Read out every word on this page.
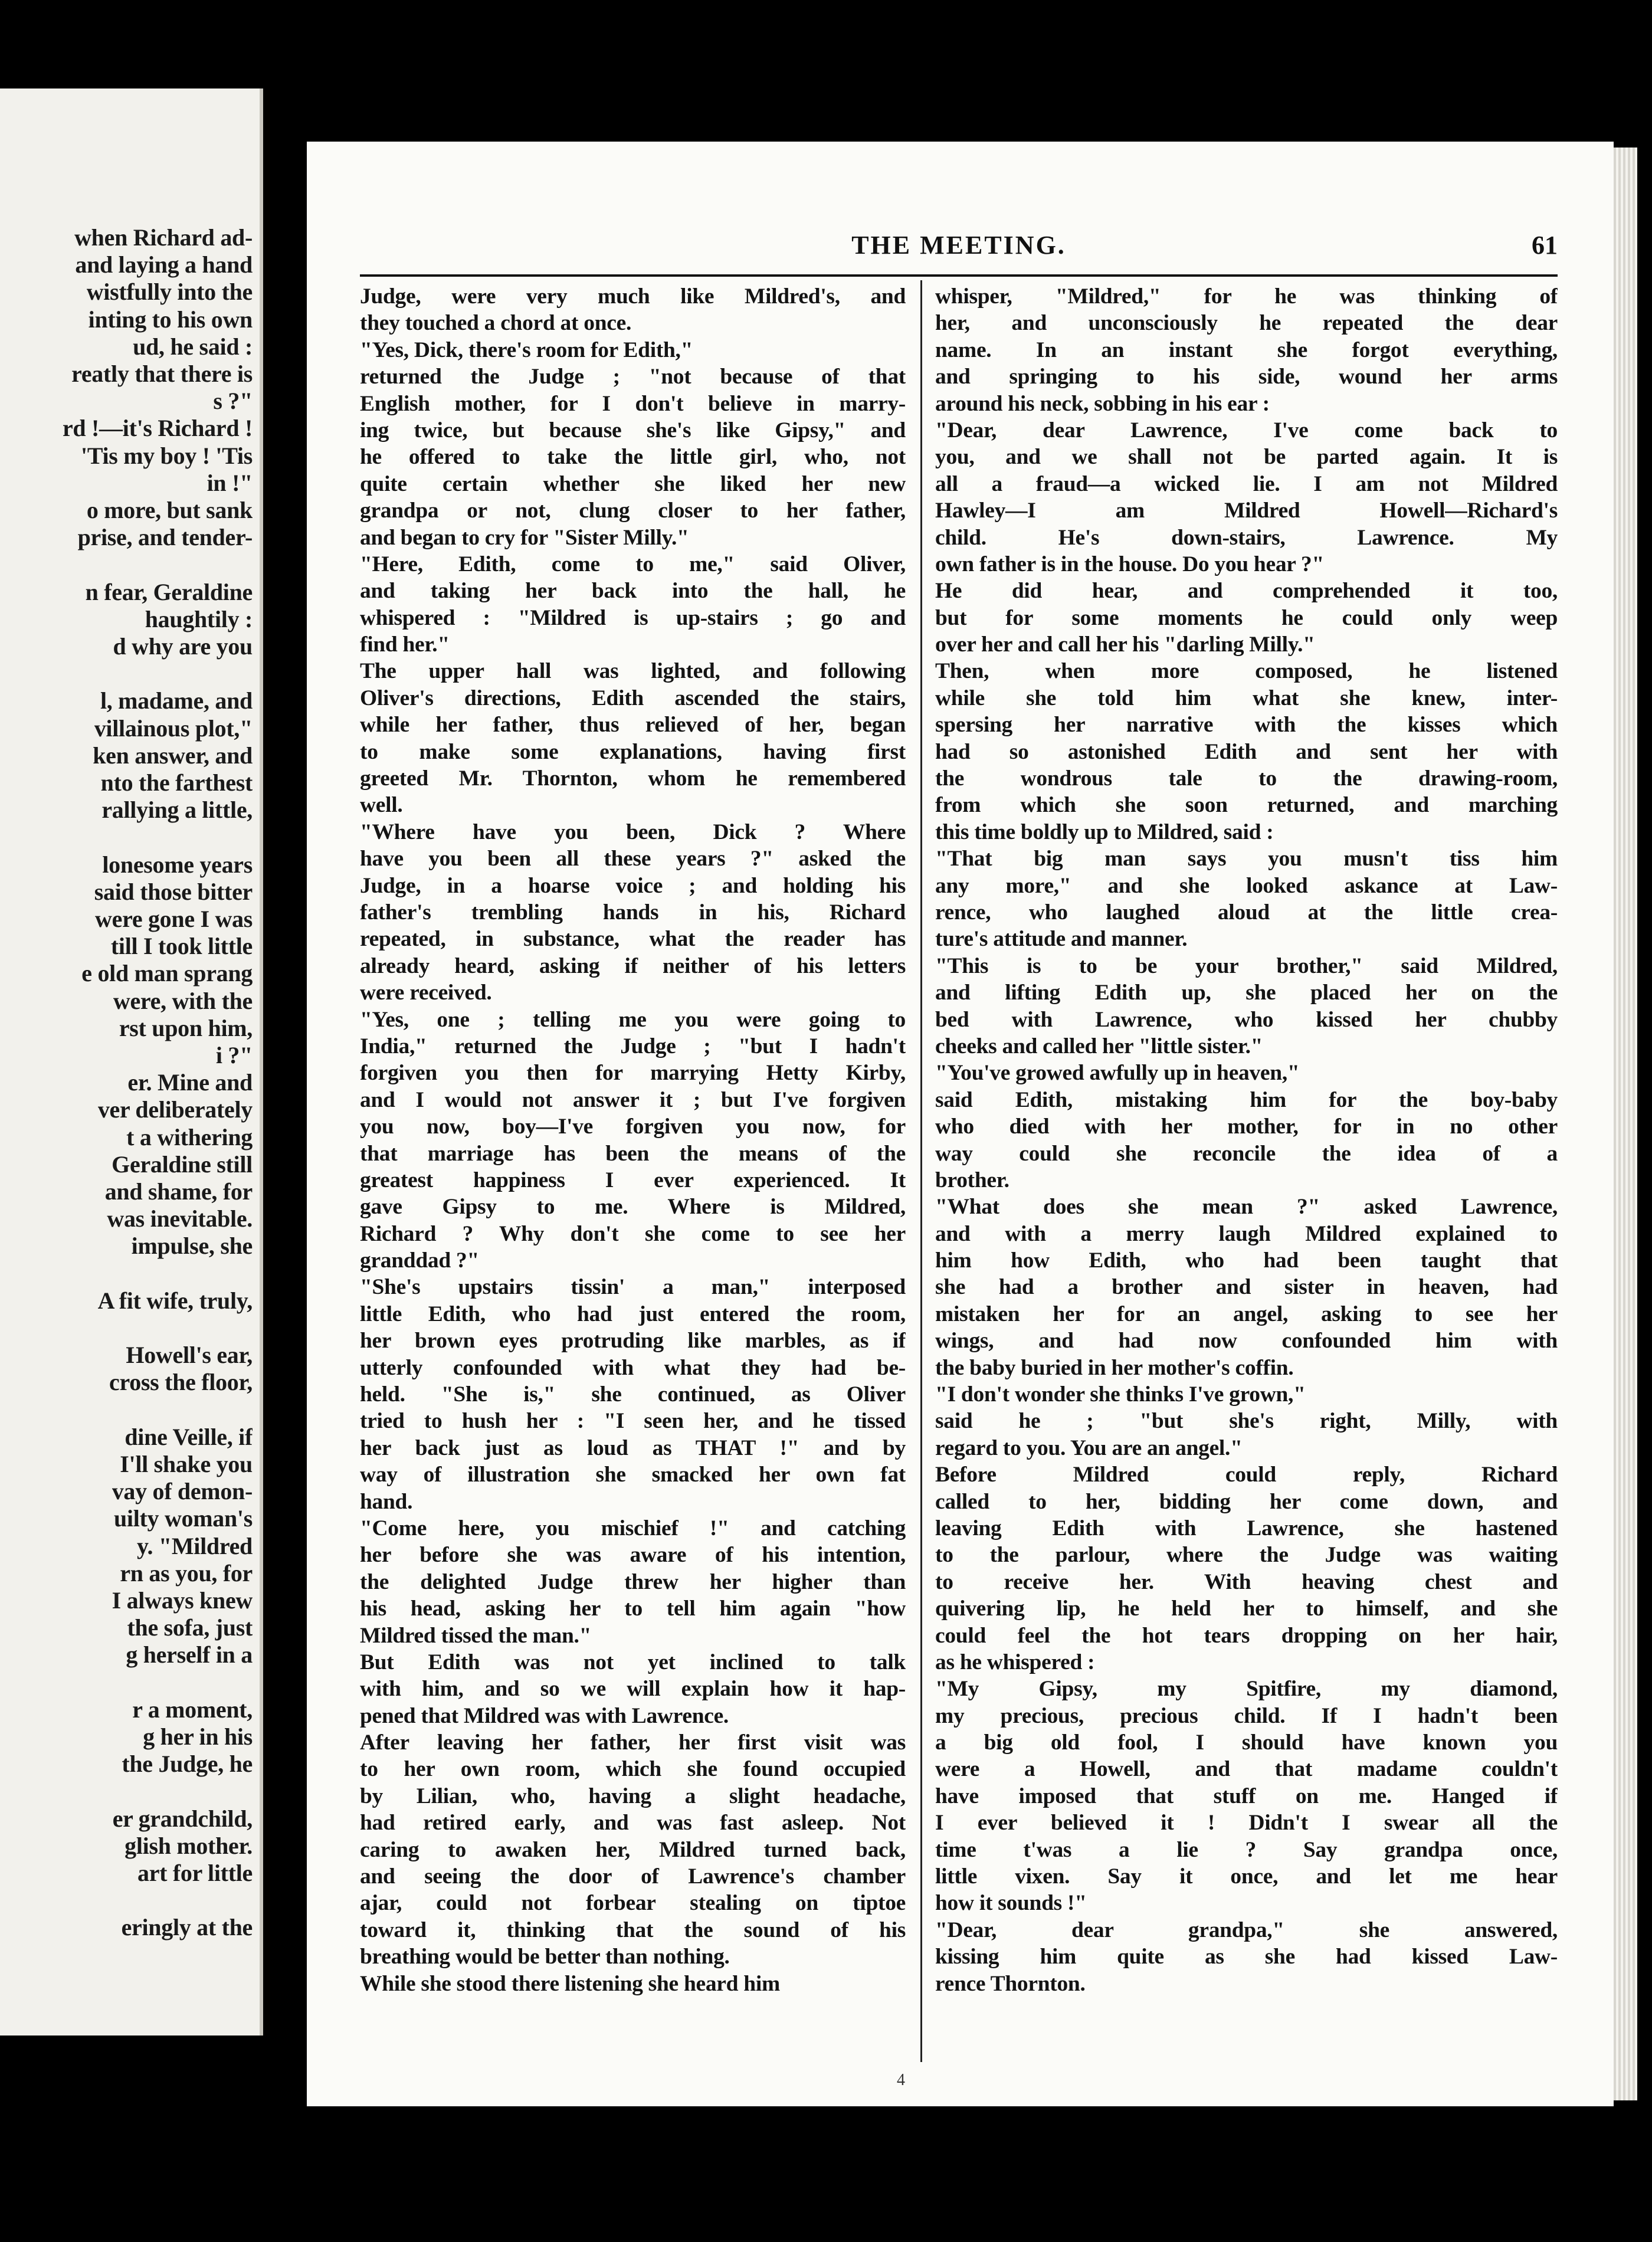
when Richard ad-
and laying a hand
wistfully into the
inting to his own
ud, he said :
reatly that there is
s ?"
rd !—it's Richard !
'Tis my boy ! 'Tis
in !"
o more, but sank
prise, and tender-
n fear, Geraldine
haughtily :
d why are you
l, madame, and
villainous plot,"
ken answer, and
nto the farthest
rallying a little,
lonesome years
said those bitter
were gone I was
till I took little
e old man sprang
were, with the
rst upon him,
i ?"
er. Mine and
ver deliberately
t a withering
Geraldine still
and shame, for
was inevitable.
impulse, she
A fit wife, truly,
Howell's ear,
cross the floor,
dine Veille, if
I'll shake you
vay of demon-
uilty woman's
y. "Mildred
rn as you, for
I always knew
the sofa, just
g herself in a
r a moment,
g her in his
the Judge, he
er grandchild,
glish mother.
art for little
eringly at the
THE MEETING.	61
Judge, were very much like Mildred's, and
they touched a chord at once.
"Yes, Dick, there's room for Edith,"
returned the Judge ; "not because of that
English mother, for I don't believe in marry-
ing twice, but because she's like Gipsy," and
he offered to take the little girl, who, not
quite certain whether she liked her new
grandpa or not, clung closer to her father,
and began to cry for "Sister Milly."
"Here, Edith, come to me," said Oliver,
and taking her back into the hall, he
whispered : "Mildred is up-stairs ; go and
find her."
The upper hall was lighted, and following
Oliver's directions, Edith ascended the stairs,
while her father, thus relieved of her, began
to make some explanations, having first
greeted Mr. Thornton, whom he remembered
well.
"Where have you been, Dick ? Where
have you been all these years ?" asked the
Judge, in a hoarse voice ; and holding his
father's trembling hands in his, Richard
repeated, in substance, what the reader has
already heard, asking if neither of his letters
were received.
"Yes, one ; telling me you were going to
India," returned the Judge ; "but I hadn't
forgiven you then for marrying Hetty Kirby,
and I would not answer it ; but I've forgiven
you now, boy—I've forgiven you now, for
that marriage has been the means of the
greatest happiness I ever experienced. It
gave Gipsy to me. Where is Mildred,
Richard ? Why don't she come to see her
granddad ?"
"She's upstairs tissin' a man," interposed
little Edith, who had just entered the room,
her brown eyes protruding like marbles, as if
utterly confounded with what they had be-
held. "She is," she continued, as Oliver
tried to hush her : "I seen her, and he tissed
her back just as loud as THAT !" and by
way of illustration she smacked her own fat
hand.
"Come here, you mischief !" and catching
her before she was aware of his intention,
the delighted Judge threw her higher than
his head, asking her to tell him again "how
Mildred tissed the man."
But Edith was not yet inclined to talk
with him, and so we will explain how it hap-
pened that Mildred was with Lawrence.
After leaving her father, her first visit was
to her own room, which she found occupied
by Lilian, who, having a slight headache,
had retired early, and was fast asleep. Not
caring to awaken her, Mildred turned back,
and seeing the door of Lawrence's chamber
ajar, could not forbear stealing on tiptoe
toward it, thinking that the sound of his
breathing would be better than nothing.
While she stood there listening she heard him
whisper, "Mildred," for he was thinking of
her, and unconsciously he repeated the dear
name. In an instant she forgot everything,
and springing to his side, wound her arms
around his neck, sobbing in his ear :
"Dear, dear Lawrence, I've come back to
you, and we shall not be parted again. It is
all a fraud—a wicked lie. I am not Mildred
Hawley—I am Mildred Howell—Richard's
child. He's down-stairs, Lawrence. My
own father is in the house. Do you hear ?"
He did hear, and comprehended it too,
but for some moments he could only weep
over her and call her his "darling Milly."
Then, when more composed, he listened
while she told him what she knew, inter-
spersing her narrative with the kisses which
had so astonished Edith and sent her with
the wondrous tale to the drawing-room,
from which she soon returned, and marching
this time boldly up to Mildred, said :
"That big man says you musn't tiss him
any more," and she looked askance at Law-
rence, who laughed aloud at the little crea-
ture's attitude and manner.
"This is to be your brother," said Mildred,
and lifting Edith up, she placed her on the
bed with Lawrence, who kissed her chubby
cheeks and called her "little sister."
"You've growed awfully up in heaven,"
said Edith, mistaking him for the boy-baby
who died with her mother, for in no other
way could she reconcile the idea of a
brother.
"What does she mean ?" asked Lawrence,
and with a merry laugh Mildred explained to
him how Edith, who had been taught that
she had a brother and sister in heaven, had
mistaken her for an angel, asking to see her
wings, and had now confounded him with
the baby buried in her mother's coffin.
"I don't wonder she thinks I've grown,"
said he ; "but she's right, Milly, with
regard to you. You are an angel."
Before Mildred could reply, Richard
called to her, bidding her come down, and
leaving Edith with Lawrence, she hastened
to the parlour, where the Judge was waiting
to receive her. With heaving chest and
quivering lip, he held her to himself, and she
could feel the hot tears dropping on her hair,
as he whispered :
"My Gipsy, my Spitfire, my diamond,
my precious, precious child. If I hadn't been
a big old fool, I should have known you
were a Howell, and that madame couldn't
have imposed that stuff on me. Hanged if
I ever believed it ! Didn't I swear all the
time t'was a lie ? Say grandpa once,
little vixen. Say it once, and let me hear
how it sounds !"
"Dear, dear grandpa," she answered,
kissing him quite as she had kissed Law-
rence Thornton.
4
